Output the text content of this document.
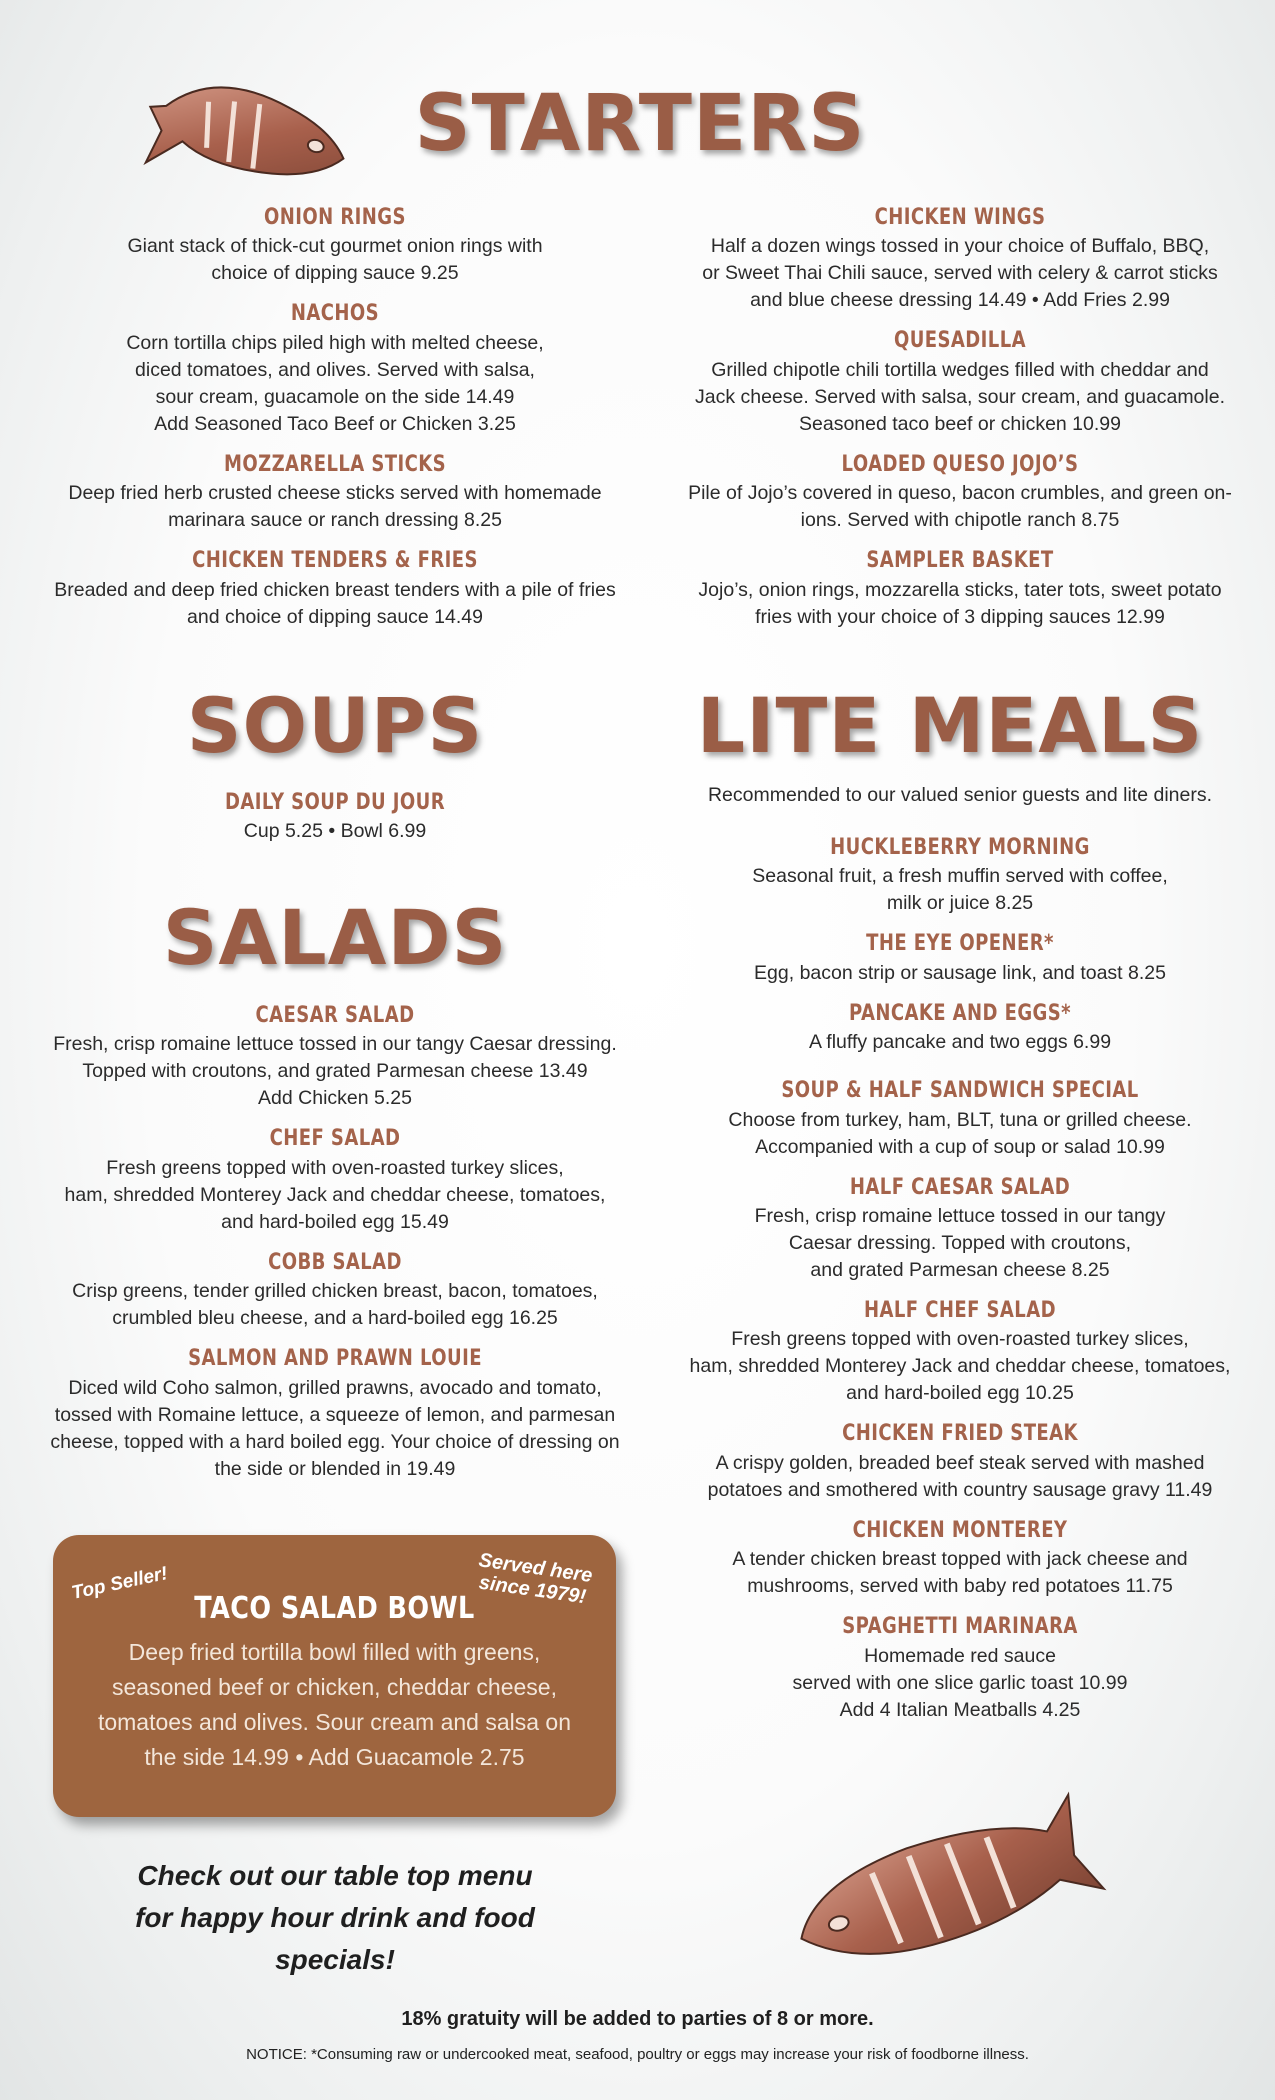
STARTERS
ONION RINGS

Giant stack of thick-cut gourmet onion rings with
choice of dipping sauce 9.25

NACHOS

Corn tortilla chips piled high with melted cheese,
diced tomatoes, and olives. Served with salsa,
sour cream, guacamole on the side 14.49
Add Seasoned Taco Beef or Chicken 3.25

MOZZARELLA STICKS

Deep fried herb crusted cheese sticks served with homemade
marinara sauce or ranch dressing 8.25

CHICKEN TENDERS & FRIES

Breaded and deep fried chicken breast tenders with a pile of fries
and choice of dipping sauce 14.49

CHICKEN WINGS

Half a dozen wings tossed in your choice of Buffalo, BBQ,
or Sweet Thai Chili sauce, served with celery & carrot sticks
and blue cheese dressing 14.49 • Add Fries 2.99

QUESADILLA

Grilled chipotle chili tortilla wedges filled with cheddar and
Jack cheese. Served with salsa, sour cream, and guacamole.
Seasoned taco beef or chicken 10.99

LOADED QUESO JOJO’S

Pile of Jojo’s covered in queso, bacon crumbles, and green on-
ions. Served with chipotle ranch 8.75

SAMPLER BASKET

Jojo’s, onion rings, mozzarella sticks, tater tots, sweet potato
fries with your choice of 3 dipping sauces 12.99

SOUPS
DAILY SOUP DU JOUR

Cup 5.25 • Bowl 6.99

SALADS
CAESAR SALAD

Fresh, crisp romaine lettuce tossed in our tangy Caesar dressing.
Topped with croutons, and grated Parmesan cheese 13.49
Add Chicken 5.25

CHEF SALAD

Fresh greens topped with oven-roasted turkey slices,
ham, shredded Monterey Jack and cheddar cheese, tomatoes,
and hard-boiled egg 15.49

COBB SALAD

Crisp greens, tender grilled chicken breast, bacon, tomatoes,
crumbled bleu cheese, and a hard-boiled egg 16.25

SALMON AND PRAWN LOUIE

Diced wild Coho salmon, grilled prawns, avocado and tomato,
tossed with Romaine lettuce, a squeeze of lemon, and parmesan
cheese, topped with a hard boiled egg. Your choice of dressing on
the side or blended in 19.49

LITE MEALS

Recommended to our valued senior guests and lite diners.

HUCKLEBERRY MORNING

Seasonal fruit, a fresh muffin served with coffee,
milk or juice 8.25

THE EYE OPENER*

Egg, bacon strip or sausage link, and toast 8.25

PANCAKE AND EGGS*

A fluffy pancake and two eggs 6.99

SOUP & HALF SANDWICH SPECIAL

Choose from turkey, ham, BLT, tuna or grilled cheese.
Accompanied with a cup of soup or salad 10.99

HALF CAESAR SALAD

Fresh, crisp romaine lettuce tossed in our tangy
Caesar dressing. Topped with croutons,
and grated Parmesan cheese 8.25

HALF CHEF SALAD

Fresh greens topped with oven-roasted turkey slices,
ham, shredded Monterey Jack and cheddar cheese, tomatoes,
and hard-boiled egg 10.25

CHICKEN FRIED STEAK

A crispy golden, breaded beef steak served with mashed
potatoes and smothered with country sausage gravy 11.49

CHICKEN MONTEREY

A tender chicken breast topped with jack cheese and
mushrooms, served with baby red potatoes 11.75

SPAGHETTI MARINARA

Homemade red sauce
served with one slice garlic toast 10.99
Add 4 Italian Meatballs 4.25

Top Seller!	Served here since 1979!
TACO SALAD BOWL
Deep fried tortilla bowl filled with greens, seasoned beef or chicken, cheddar cheese, tomatoes and olives. Sour cream and salsa on the side 14.99 • Add Guacamole 2.75
Check out our table top menu for happy hour drink and food specials!
18% gratuity will be added to parties of 8 or more.
NOTICE: *Consuming raw or undercooked meat, seafood, poultry or eggs may increase your risk of foodborne illness.
